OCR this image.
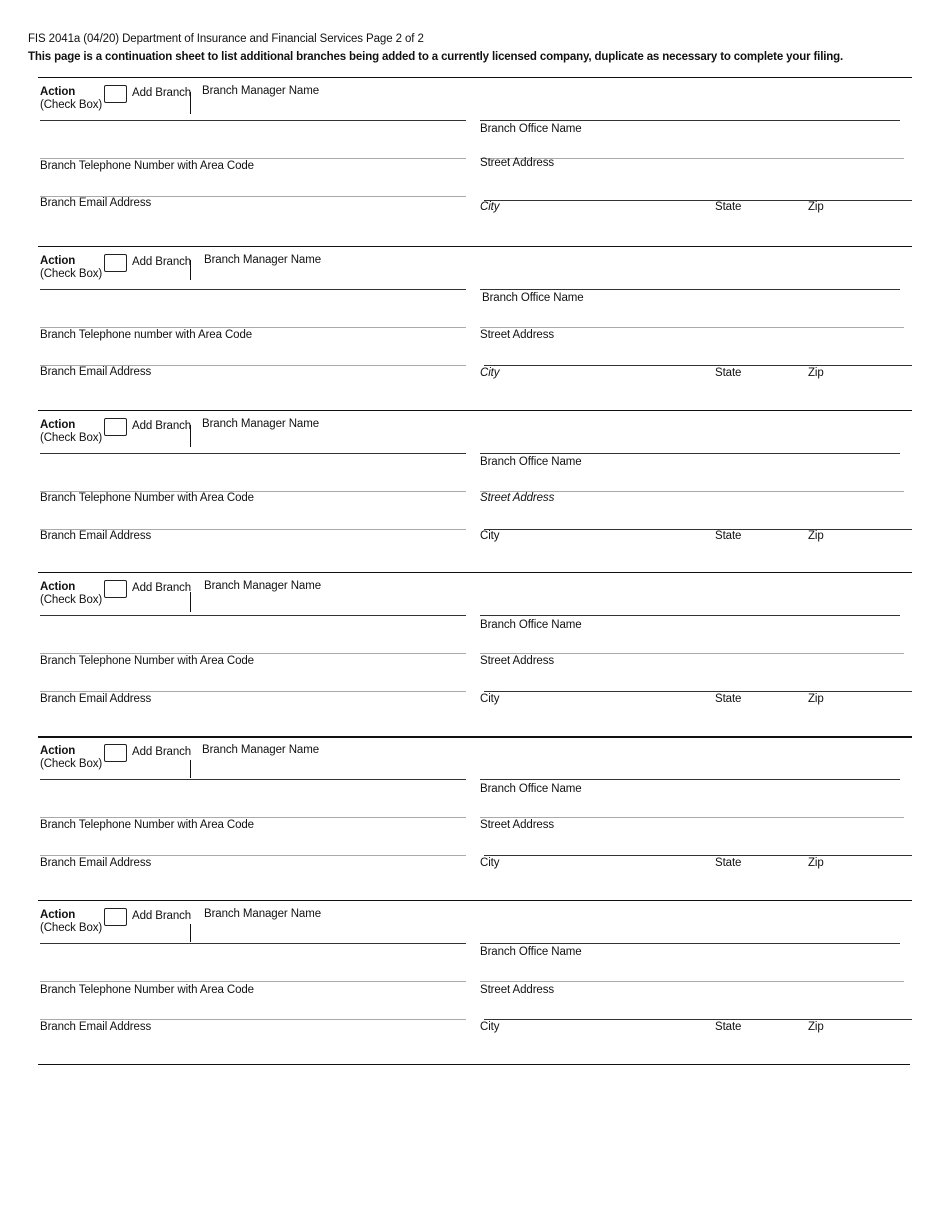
FIS 2041a (04/20) Department of Insurance and Financial Services Page 2 of 2
This page is a continuation sheet to list additional branches being added to a currently licensed company, duplicate as necessary to complete your filing.
Action
(Check Box)
Add Branch Branch Manager Name
Branch Office Name
Branch Telephone Number with Area Code	Street Address
Branch Email Address	City	State	Zip
Action
(Check Box)
Add Branch Branch Manager Name
Branch Office Name
Branch Telephone number with Area Code	Street Address
Branch Email Address	City	State	Zip
Action
(Check Box)
Add Branch Branch Manager Name
Branch Office Name
Branch Telephone Number with Area Code	Street Address
Branch Email Address	City	State	Zip
Action
(Check Box)
Add Branch Branch Manager Name
Branch Office Name
Branch Telephone Number with Area Code	Street Address
Branch Email Address	City	State	Zip
Action
(Check Box)
Add Branch Branch Manager Name
Branch Office Name
Branch Telephone Number with Area Code	Street Address
Branch Email Address	City	State	Zip
Action
(Check Box)
Add Branch Branch Manager Name
Branch Office Name
Branch Telephone Number with Area Code	Street Address
Branch Email Address	City	State	Zip
